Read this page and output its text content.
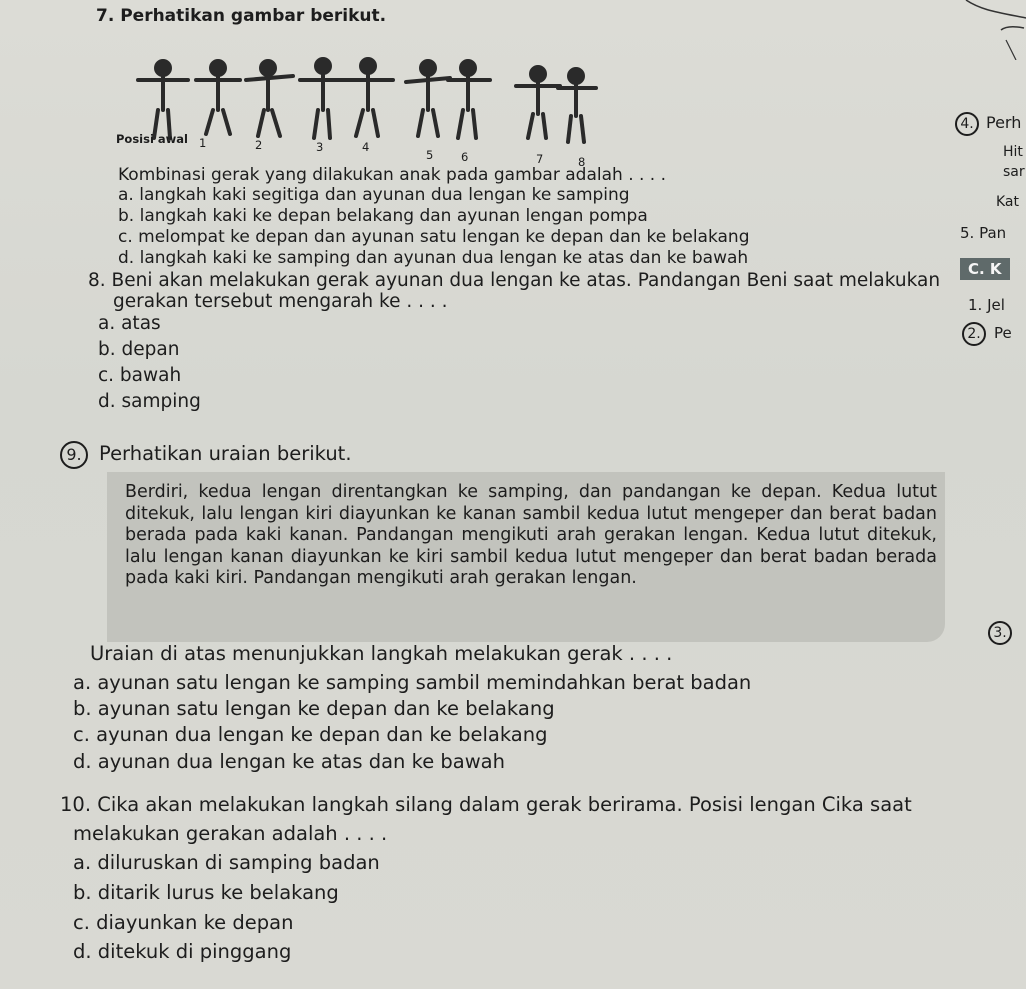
7. Perhatikan gambar berikut.
Posisi awal 1	2	3	4
5 6	7	8
Kombinasi gerak yang dilakukan anak pada gambar adalah . . . .
a. langkah kaki segitiga dan ayunan dua lengan ke samping
b. langkah kaki ke depan belakang dan ayunan lengan pompa
c. melompat ke depan dan ayunan satu lengan ke depan dan ke belakang
d. langkah kaki ke samping dan ayunan dua lengan ke atas dan ke bawah
8. Beni akan melakukan gerak ayunan dua lengan ke atas. Pandangan Beni saat melakukan
gerakan tersebut mengarah ke . . . .
a. atas
b. depan
c. bawah
d. samping
9. Perhatikan uraian berikut.

Berdiri, kedua lengan direntangkan ke samping, dan pandangan ke depan. Kedua lutut ditekuk, lalu lengan kiri diayunkan ke kanan sambil kedua lutut mengeper dan berat badan berada pada kaki kanan. Pandangan mengikuti arah gerakan lengan. Kedua lutut ditekuk, lalu lengan kanan diayunkan ke kiri sambil kedua lutut mengeper dan berat badan berada pada kaki kiri. Pandangan mengikuti arah gerakan lengan.

Uraian di atas menunjukkan langkah melakukan gerak . . . .
a. ayunan satu lengan ke samping sambil memindahkan berat badan
b. ayunan satu lengan ke depan dan ke belakang
c. ayunan dua lengan ke depan dan ke belakang
d. ayunan dua lengan ke atas dan ke bawah
10. Cika akan melakukan langkah silang dalam gerak berirama. Posisi lengan Cika saat
melakukan gerakan adalah . . . .
a. diluruskan di samping badan
b. ditarik lurus ke belakang
c. diayunkan ke depan
d. ditekuk di pinggang
4. Perh
Hit
sar
Kat
5. Pan
C. K
1. Jel
2. Pe
3.
